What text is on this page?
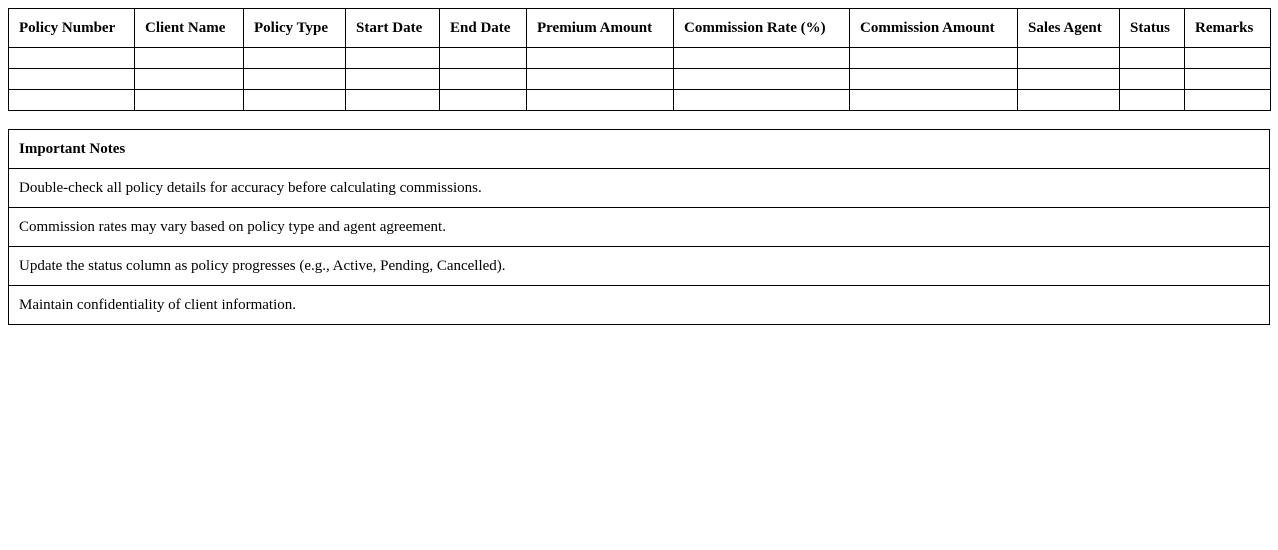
Policy Number	Client Name	Policy Type	Start Date	End Date	Premium Amount	Commission Rate (%)	Commission Amount	Sales Agent	Status	Remarks

Important Notes
Double-check all policy details for accuracy before calculating commissions.
Commission rates may vary based on policy type and agent agreement.
Update the status column as policy progresses (e.g., Active, Pending, Cancelled).
Maintain confidentiality of client information.
